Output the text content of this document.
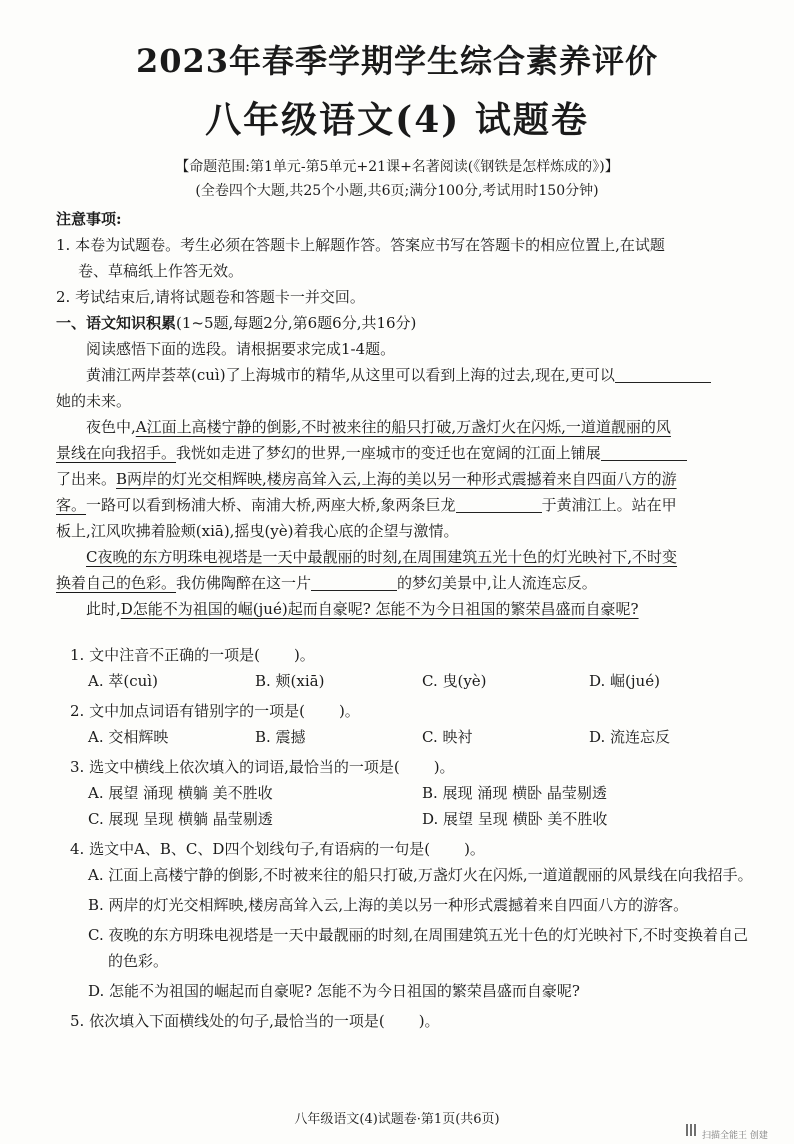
2023年春季学期学生综合素养评价
八年级语文(4) 试题卷
【命题范围:第1单元-第5单元+21课+名著阅读(《钢铁是怎样炼成的》)】
(全卷四个大题,共25个小题,共6页;满分100分,考试用时150分钟)
注意事项:
1. 本卷为试题卷。考生必须在答题卡上解题作答。答案应书写在答题卡的相应位置上,在试题
卷、草稿纸上作答无效。
2. 考试结束后,请将试题卷和答题卡一并交回。
一、语文知识积累(1~5题,每题2分,第6题6分,共16分)
阅读感悟下面的选段。请根据要求完成1-4题。
黄浦江两岸荟萃(cuì)了上海城市的精华,从这里可以看到上海的过去,现在,更可以
她的未来。
夜色中,A江面上高楼宁静的倒影,不时被来往的船只打破,万盏灯火在闪烁,一道道靓丽的风
景线在向我招手。我恍如走进了梦幻的世界,一座城市的变迁也在宽阔的江面上铺展
了出来。B两岸的灯光交相辉映,楼房高耸入云,上海的美以另一种形式震撼着来自四面八方的游
客。一路可以看到杨浦大桥、南浦大桥,两座大桥,象两条巨龙	于黄浦江上。站在甲
板上,江风吹拂着脸颊(xiā),摇曳(yè)着我心底的企望与激情。
C夜晚的东方明珠电视塔是一天中最靓丽的时刻,在周围建筑五光十色的灯光映衬下,不时变
换着自己的色彩。我仿佛陶醉在这一片	的梦幻美景中,让人流连忘反。
此时,D怎能不为祖国的崛(jué)起而自豪呢? 怎能不为今日祖国的繁荣昌盛而自豪呢?
1. 文中注音不正确的一项是( )。
A. 萃(cuì)	B. 颊(xiā)	C. 曳(yè)	D. 崛(jué)
2. 文中加点词语有错别字的一项是( )。
A. 交相辉映	B. 震撼	C. 映衬	D. 流连忘反
3. 选文中横线上依次填入的词语,最恰当的一项是( )。
A. 展望 涌现 横躺 美不胜收	B. 展现 涌现 横卧 晶莹剔透
C. 展现 呈现 横躺 晶莹剔透	D. 展望 呈现 横卧 美不胜收
4. 选文中A、B、C、D四个划线句子,有语病的一句是( )。
A. 江面上高楼宁静的倒影,不时被来往的船只打破,万盏灯火在闪烁,一道道靓丽的风景线在向我招手。
B. 两岸的灯光交相辉映,楼房高耸入云,上海的美以另一种形式震撼着来自四面八方的游客。
C. 夜晚的东方明珠电视塔是一天中最靓丽的时刻,在周围建筑五光十色的灯光映衬下,不时变换着自己的色彩。
D. 怎能不为祖国的崛起而自豪呢? 怎能不为今日祖国的繁荣昌盛而自豪呢?
5. 依次填入下面横线处的句子,最恰当的一项是( )。
八年级语文(4)试题卷·第1页(共6页)
扫描全能王 创建
